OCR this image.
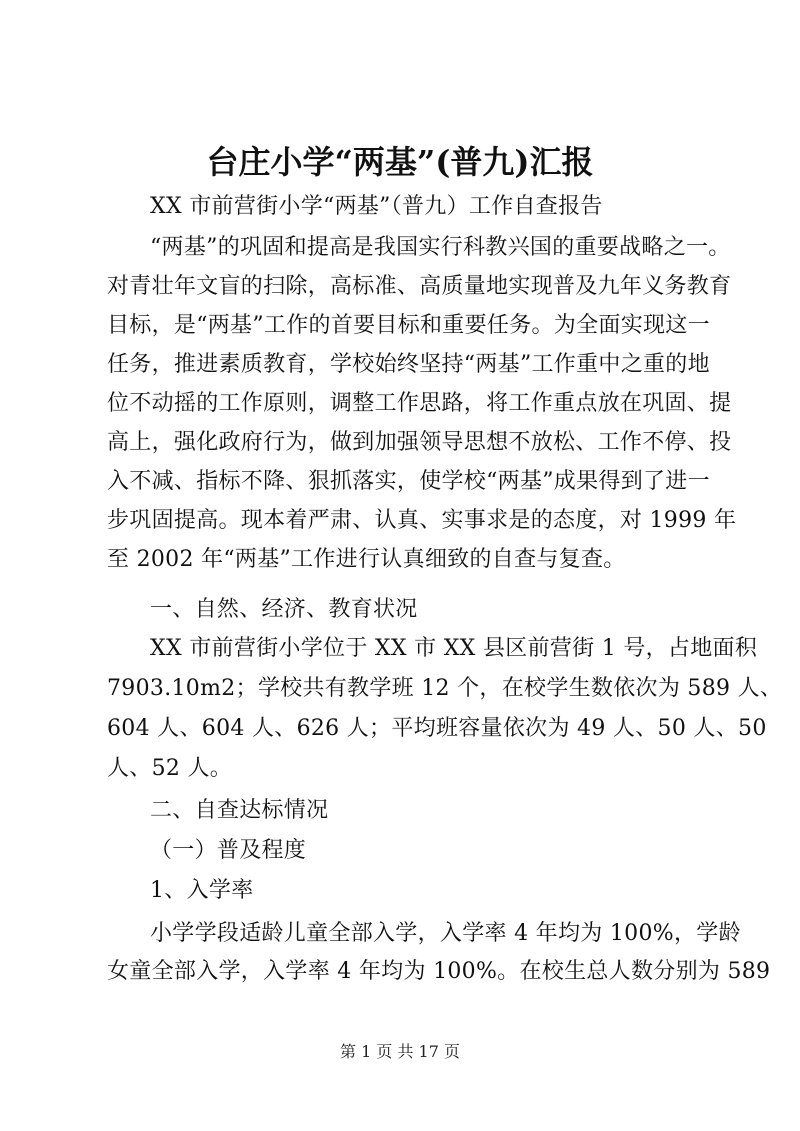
台庄小学“两基”(普九)汇报
XX 市前营街小学“两基”（普九）工作自查报告
“两基”的巩固和提高是我国实行科教兴国的重要战略之一。
对青壮年文盲的扫除，高标准、高质量地实现普及九年义务教育
目标，是“两基”工作的首要目标和重要任务。为全面实现这一
任务，推进素质教育，学校始终坚持“两基”工作重中之重的地
位不动摇的工作原则，调整工作思路，将工作重点放在巩固、提
高上，强化政府行为，做到加强领导思想不放松、工作不停、投
入不减、指标不降、狠抓落实，使学校“两基”成果得到了进一
步巩固提高。现本着严肃、认真、实事求是的态度，对 1999 年
至 2002 年“两基”工作进行认真细致的自查与复查。
一、自然、经济、教育状况
XX 市前营街小学位于 XX 市 XX 县区前营街 1 号，占地面积
7903.10m2；学校共有教学班 12 个，在校学生数依次为 589 人、
604 人、604 人、626 人；平均班容量依次为 49 人、50 人、50
人、52 人。
二、自查达标情况
（一）普及程度
1、入学率
小学学段适龄儿童全部入学，入学率 4 年均为 100%，学龄
女童全部入学，入学率 4 年均为 100%。在校生总人数分别为 589
第 1 页 共 17 页
